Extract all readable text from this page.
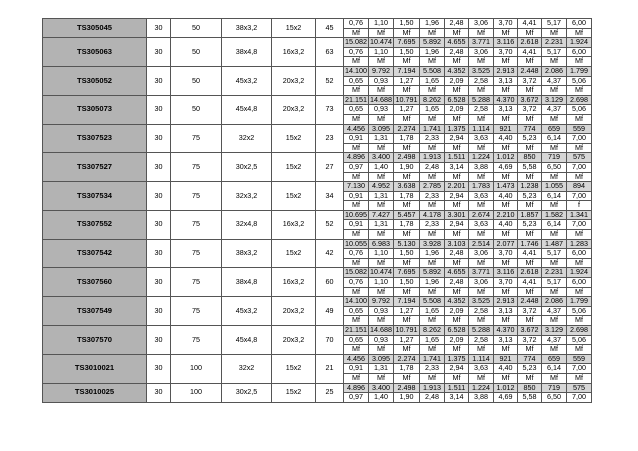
TS305045	30	50	38x3,2	15x2	45	0,76	1,10	1,50	1,96	2,48	3,06	3,70	4,41	5,17	6,00
						Mf	Mf	Mf	Mf	Mf	Mf	Mf	Mf	Mf	Mf
TS305063	30	50	38x4,8	16x3,2	63	15.082	10.474	7.695	5.892	4.655	3.771	3.116	2.618	2.231	1.924
						0,76	1,10	1,50	1,96	2,48	3,06	3,70	4,41	5,17	6,00
						Mf	Mf	Mf	Mf	Mf	Mf	Mf	Mf	Mf	Mf
TS305052	30	50	45x3,2	20x3,2	52	14.100	9.792	7.194	5.508	4.352	3.525	2.913	2.448	2.086	1.799
						0,65	0,93	1,27	1,65	2,09	2,58	3,13	3,72	4,37	5,06
						Mf	Mf	Mf	Mf	Mf	Mf	Mf	Mf	Mf	Mf
TS305073	30	50	45x4,8	20x3,2	73	21.151	14.688	10.791	8.262	6.528	5.288	4.370	3.672	3.129	2.698
						0,65	0,93	1,27	1,65	2,09	2,58	3,13	3,72	4,37	5,06
						Mf	Mf	Mf	Mf	Mf	Mf	Mf	Mf	Mf	Mf
TS307523	30	75	32x2	15x2	23	4.456	3.095	2.274	1.741	1.375	1.114	921	774	659	559
						0,91	1,31	1,78	2,33	2,94	3,63	4,40	5,23	6,14	7,00
						Mf	Mf	Mf	Mf	Mf	Mf	Mf	Mf	Mf	Mf
TS307527	30	75	30x2,5	15x2	27	4.896	3.400	2.498	1.913	1.511	1.224	1.012	850	719	575
						0,97	1,40	1,90	2,48	3,14	3,88	4,69	5,58	6,50	7,00
						Mf	Mf	Mf	Mf	Mf	Mf	Mf	Mf	Mf	Mf
TS307534	30	75	32x3,2	15x2	34	7.130	4.952	3.638	2.785	2.201	1.783	1.473	1.238	1.055	894
						0,91	1,31	1,78	2,33	2,94	3,63	4,40	5,23	6,14	7,00
						Mf	Mf	Mf	Mf	Mf	Mf	Mf	Mf	Mf	f
TS307552	30	75	32x4,8	16x3,2	52	10.695	7.427	5.457	4.178	3.301	2.674	2.210	1.857	1.582	1.341
						0,91	1,31	1,78	2,33	2,94	3,63	4,40	5,23	6,14	7,00
						Mf	Mf	Mf	Mf	Mf	Mf	Mf	Mf	Mf	Mf
TS307542	30	75	38x3,2	15x2	42	10.055	6.983	5.130	3.928	3.103	2.514	2.077	1.746	1.487	1.283
						0,76	1,10	1,50	1,96	2,48	3,06	3,70	4,41	5,17	6,00
						Mf	Mf	Mf	Mf	Mf	Mf	Mf	Mf	Mf	Mf
TS307560	30	75	38x4,8	16x3,2	60	15.082	10.474	7.695	5.892	4.655	3.771	3.116	2.618	2.231	1.924
						0,76	1,10	1,50	1,96	2,48	3,06	3,70	4,41	5,17	6,00
						Mf	Mf	Mf	Mf	Mf	Mf	Mf	Mf	Mf	Mf
TS307549	30	75	45x3,2	20x3,2	49	14.100	9.792	7.194	5.508	4.352	3.525	2.913	2.448	2.086	1.799
						0,65	0,93	1,27	1,65	2,09	2,58	3,13	3,72	4,37	5,06
						Mf	Mf	Mf	Mf	Mf	Mf	Mf	Mf	Mf	Mf
TS307570	30	75	45x4,8	20x3,2	70	21.151	14.688	10.791	8.262	6.528	5.288	4.370	3.672	3.129	2.698
						0,65	0,93	1,27	1,65	2,09	2,58	3,13	3,72	4,37	5,06
						Mf	Mf	Mf	Mf	Mf	Mf	Mf	Mf	Mf	Mf
TS3010021	30	100	32x2	15x2	21	4.456	3.095	2.274	1.741	1.375	1.114	921	774	659	559
						0,91	1,31	1,78	2,33	2,94	3,63	4,40	5,23	6,14	7,00
						Mf	Mf	Mf	Mf	Mf	Mf	Mf	Mf	Mf	Mf
TS3010025	30	100	30x2,5	15x2	25	4.896	3.400	2.498	1.913	1.511	1.224	1.012	850	719	575
						0,97	1,40	1,90	2,48	3,14	3,88	4,69	5,58	6,50	7,00
